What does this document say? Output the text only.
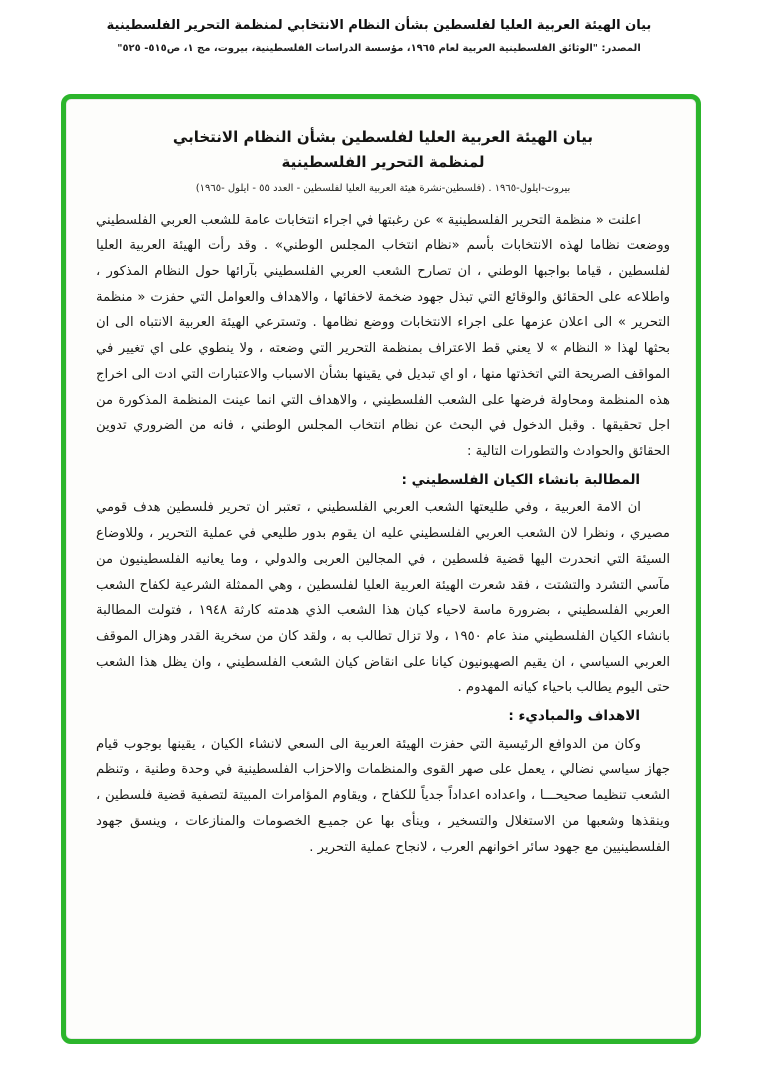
بيان الهيئة العربية العليا لفلسطين بشأن النظام الانتخابي لمنظمة التحرير الفلسطينية
المصدر: "الوثائق الفلسطينية العربية لعام ١٩٦٥، مؤسسة الدراسات الفلسطينية، بيروت، مج ١، ص٥١٥- ٥٢٥"
بيان الهيئة العربية العليا لفلسطين بشأن النظام الانتخابي
لمنظمة التحرير الفلسطينية
بيروت-ايلول-١٩٦٥ . (فلسطين-نشرة هيئة العربية العليا لفلسطين - العدد ٥٥ - ايلول -١٩٦٥)

اعلنت « منظمة التحرير الفلسطينية » عن رغبتها في اجراء انتخابات عامة للشعب العربي الفلسطيني ووضعت نظاما لهذه الانتخابات بأسم «نظام انتخاب المجلس الوطني» . وقد رأت الهيئة العربية العليا لفلسطين ، قياما بواجبها الوطني ، ان تصارح الشعب العربي الفلسطيني بآرائها حول النظام المذكور ، واطلاعه على الحقائق والوقائع التي تبذل جهود ضخمة لاخفائها ، والاهداف والعوامل التي حفزت « منظمة التحرير » الى اعلان عزمها على اجراء الانتخابات ووضع نظامها . وتسترعي الهيئة العربية الانتباه الى ان بحثها لهذا « النظام » لا يعني قط الاعتراف بمنظمة التحرير التي وضعته ، ولا ينطوي على اي تغيير في المواقف الصريحة التي اتخذتها منها ، او اي تبديل في يقينها بشأن الاسباب والاعتبارات التي ادت الى اخراج هذه المنظمة ومحاولة فرضها على الشعب الفلسطيني ، والاهداف التي انما عينت المنظمة المذكورة من اجل تحقيقها . وقبل الدخول في البحث عن نظام انتخاب المجلس الوطني ، فانه من الضروري تدوين الحقائق والحوادث والتطورات التالية :

المطالبة بانشاء الكيان الفلسطيني :

ان الامة العربية ، وفي طليعتها الشعب العربي الفلسطيني ، تعتبر ان تحرير فلسطين هدف قومي مصيري ، ونظرا لان الشعب العربي الفلسطيني عليه ان يقوم بدور طليعي في عملية التحرير ، وللاوضاع السيئة التي انحدرت اليها قضية فلسطين ، في المجالين العربى والدولي ، وما يعانيه الفلسطينيون من مآسي التشرد والتشتت ، فقد شعرت الهيئة العربية العليا لفلسطين ، وهي الممثلة الشرعية لكفاح الشعب العربي الفلسطيني ، بضرورة ماسة لاحياء كيان هذا الشعب الذي هدمته كارثة ١٩٤٨ ، فتولت المطالبة بانشاء الكيان الفلسطيني منذ عام ١٩٥٠ ، ولا تزال تطالب به ، ولقد كان من سخرية القدر وهزال الموقف العربي السياسي ، ان يقيم الصهيونيون كيانا على انقاض كيان الشعب الفلسطيني ، وان يظل هذا الشعب حتى اليوم يطالب باحياء كيانه المهدوم .

الاهداف والمباديء :

وكان من الدوافع الرئيسية التي حفزت الهيئة العربية الى السعي لانشاء الكيان ، يقينها بوجوب قيام جهاز سياسي نضالي ، يعمل على صهر القوى والمنظمات والاحزاب الفلسطينية في وحدة وطنية ، وتنظم الشعب تنظيما صحيحـــا ، واعداده اعداداً جدياً للكفاح ، ويقاوم المؤامرات المبيتة لتصفية قضية فلسطين ، وينقذها وشعبها من الاستغلال والتسخير ، وينأى بها عن جميـع الخصومات والمنازعات ، وينسق جهود الفلسطينيين مع جهود سائر اخوانهم العرب ، لانجاح عملية التحرير .
